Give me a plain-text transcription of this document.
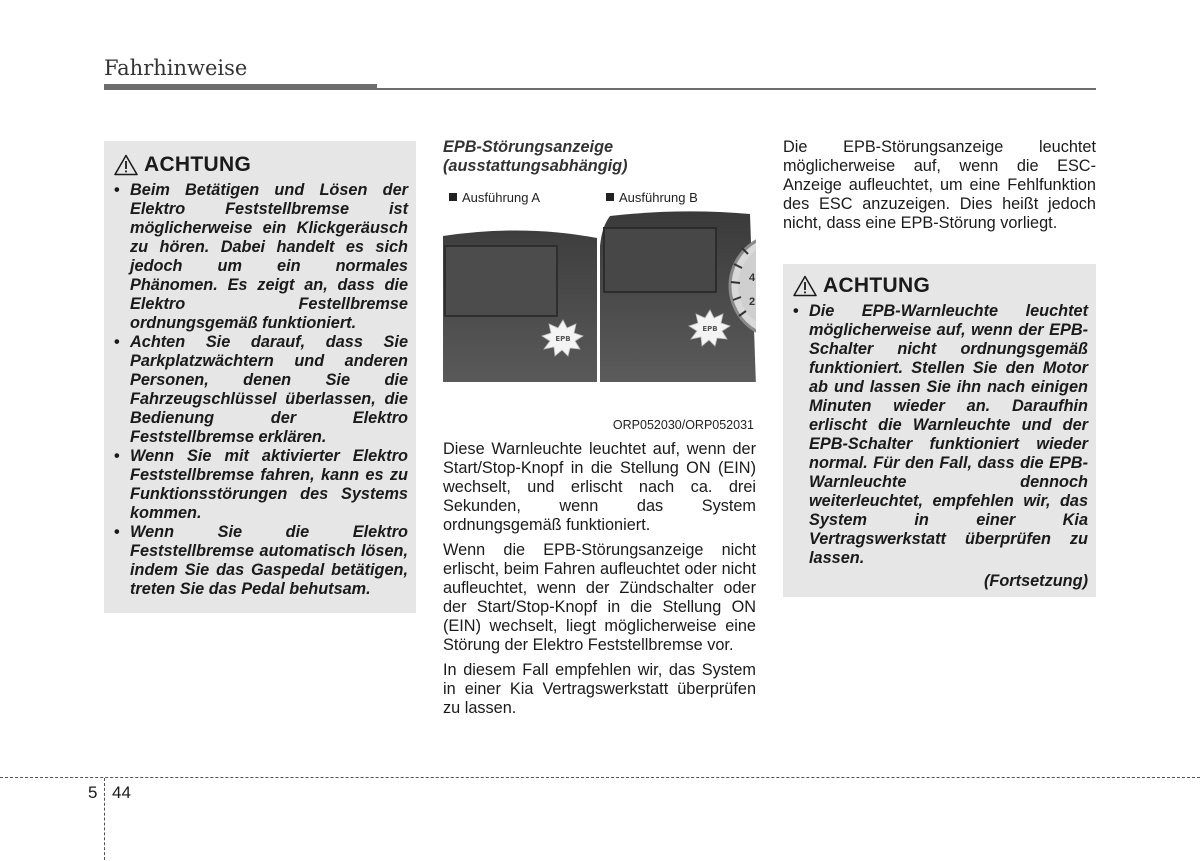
Fahrhinweise
ACHTUNG
• Beim Betätigen und Lösen der Elektro Feststellbremse ist möglicherweise ein Klickgeräusch zu hören. Dabei handelt es sich jedoch um ein normales Phänomen. Es zeigt an, dass die Elektro Festellbremse ordnungsgemäß funktioniert.
• Achten Sie darauf, dass Sie Parkplatzwächtern und anderen Personen, denen Sie die Fahrzeugschlüssel überlassen, die Bedienung der Elektro Feststellbremse erklären.
• Wenn Sie mit aktivierter Elektro Feststellbremse fahren, kann es zu Funktionsstörungen des Systems kommen.
• Wenn Sie die Elektro Feststellbremse automatisch lösen, indem Sie das Gaspedal betätigen, treten Sie das Pedal behutsam.
EPB-Störungsanzeige
(ausstattungsabhängig)
Ausführung A
EPB
Ausführung B
4
2
EPB
ORP052030/ORP052031

Diese Warnleuchte leuchtet auf, wenn der Start/Stop-Knopf in die Stellung ON (EIN) wechselt, und erlischt nach ca. drei Sekunden, wenn das System ordnungsgemäß funktioniert.

Wenn die EPB-Störungsanzeige nicht erlischt, beim Fahren aufleuchtet oder nicht aufleuchtet, wenn der Zündschalter oder der Start/Stop-Knopf in die Stellung ON (EIN) wechselt, liegt möglicherweise eine Störung der Elektro Feststellbremse vor.

In diesem Fall empfehlen wir, das System in einer Kia Vertragswerkstatt überprüfen zu lassen.

Die EPB-Störungsanzeige leuchtet möglicherweise auf, wenn die ESC-Anzeige aufleuchtet, um eine Fehlfunktion des ESC anzuzeigen. Dies heißt jedoch nicht, dass eine EPB-Störung vorliegt.

ACHTUNG
• Die EPB-Warnleuchte leuchtet möglicherweise auf, wenn der EPB-Schalter nicht ordnungsgemäß funktioniert. Stellen Sie den Motor ab und lassen Sie ihn nach einigen Minuten wieder an. Daraufhin erlischt die Warnleuchte und der EPB-Schalter funktioniert wieder normal. Für den Fall, dass die EPB-Warnleuchte dennoch weiterleuchtet, empfehlen wir, das System in einer Kia Vertragswerkstatt überprüfen zu lassen.
(Fortsetzung)
5 44
